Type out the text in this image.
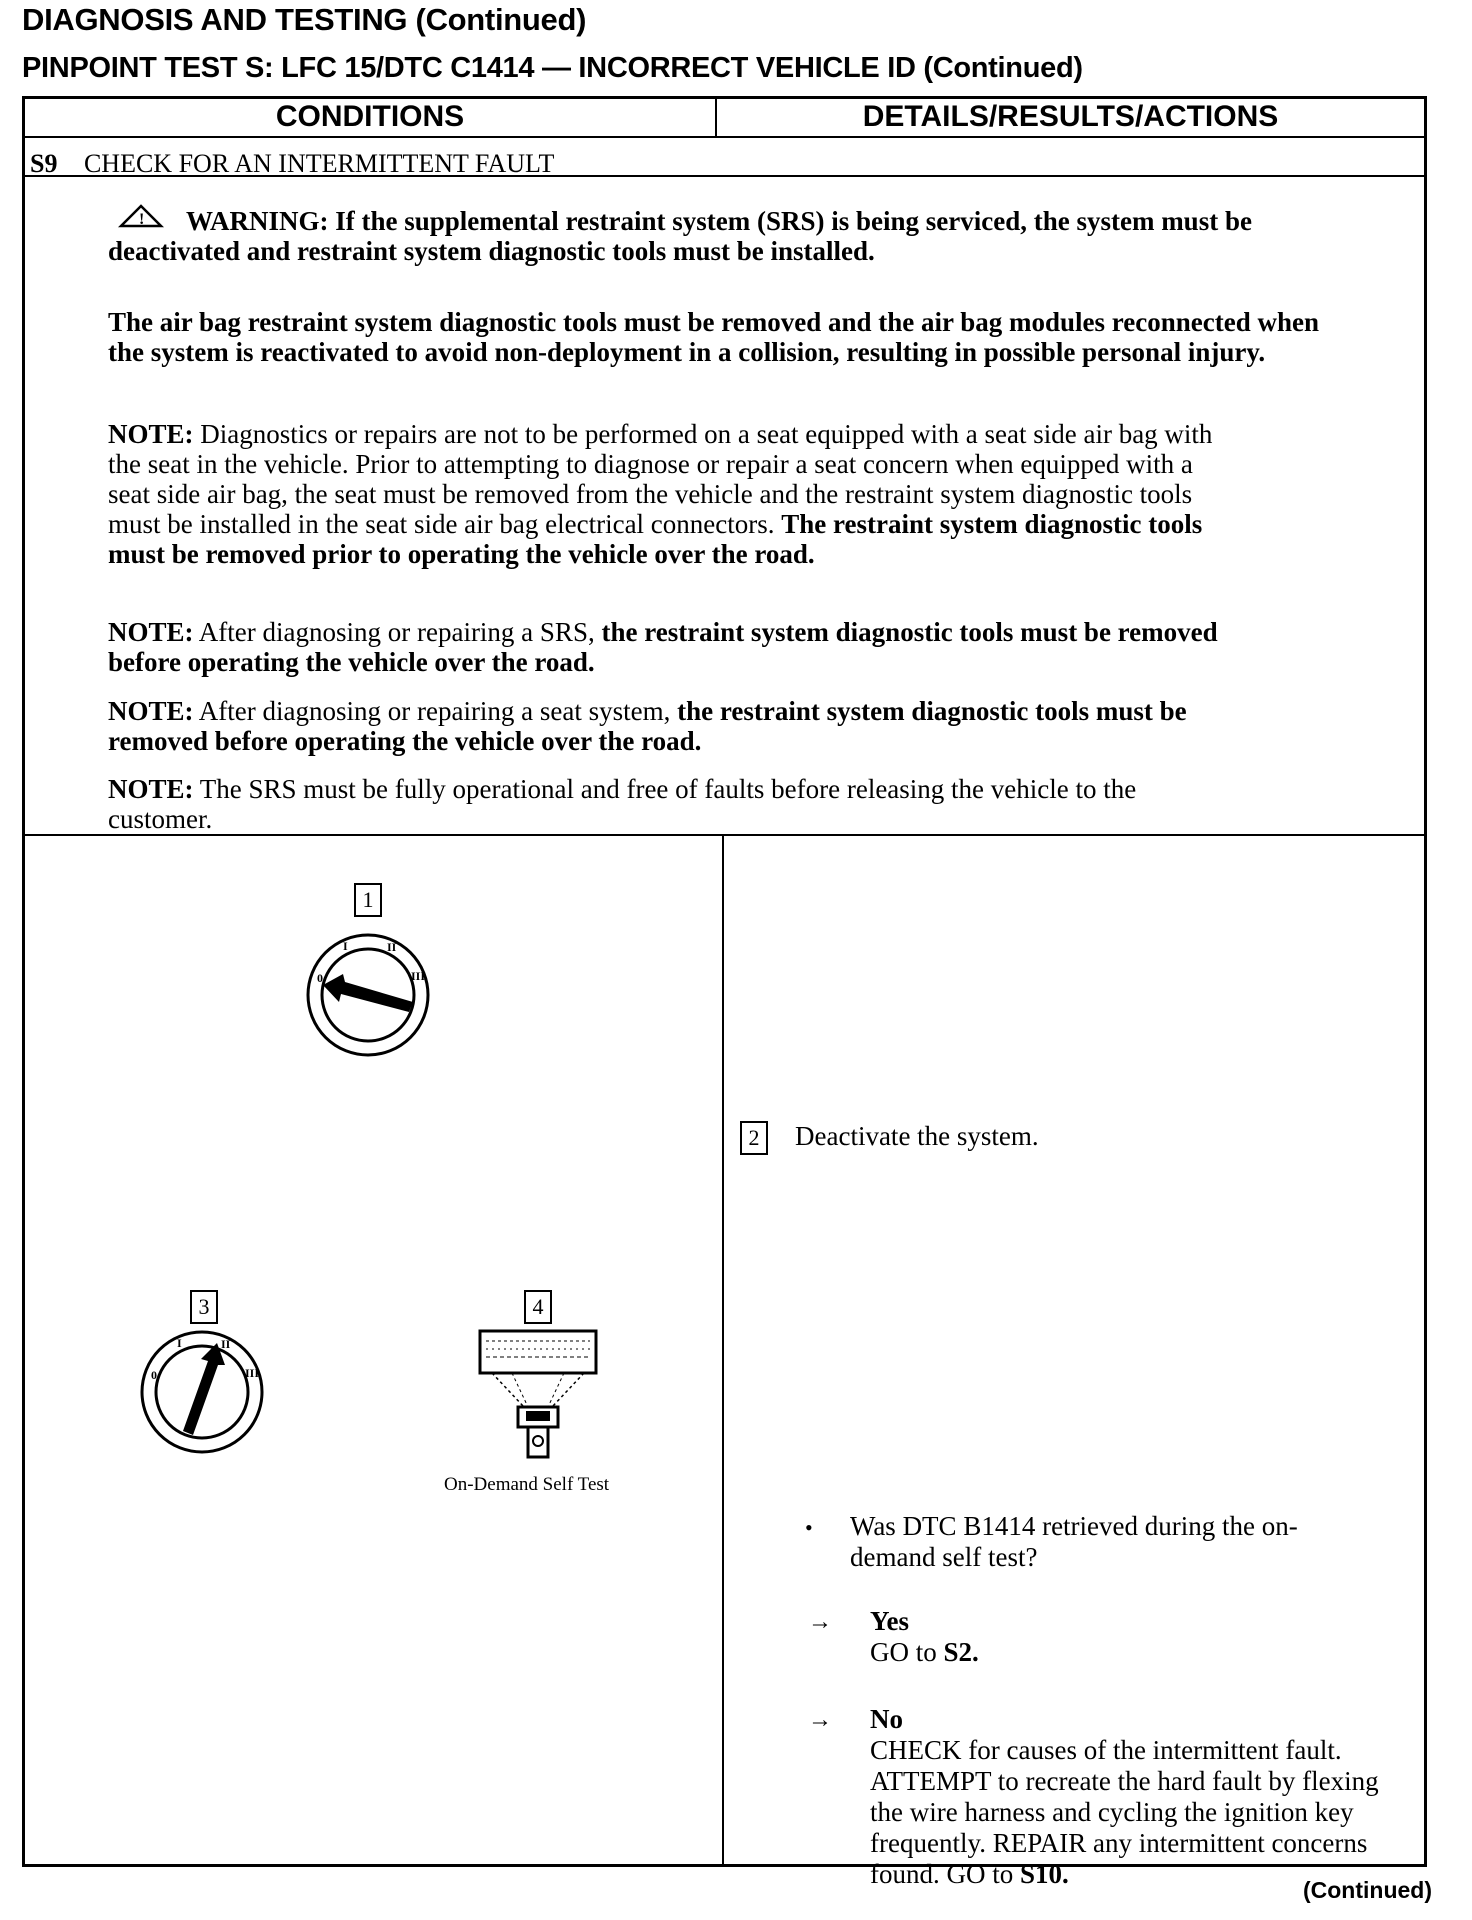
DIAGNOSIS AND TESTING (Continued)
PINPOINT TEST S: LFC 15/DTC C1414 — INCORRECT VEHICLE ID (Continued)
CONDITIONS	DETAILS/RESULTS/ACTIONS
S9 CHECK FOR AN INTERMITTENT FAULT
!	WARNING: If the supplemental restraint system (SRS) is being serviced, the system must be deactivated and restraint system diagnostic tools must be installed.
The air bag restraint system diagnostic tools must be removed and the air bag modules reconnected when the system is reactivated to avoid non-deployment in a collision, resulting in possible personal injury.
NOTE: Diagnostics or repairs are not to be performed on a seat equipped with a seat side air bag with the seat in the vehicle. Prior to attempting to diagnose or repair a seat concern when equipped with a seat side air bag, the seat must be removed from the vehicle and the restraint system diagnostic tools must be installed in the seat side air bag electrical connectors. The restraint system diagnostic tools must be removed prior to operating the vehicle over the road.
NOTE: After diagnosing or repairing a SRS, the restraint system diagnostic tools must be removed before operating the vehicle over the road.
NOTE: After diagnosing or repairing a seat system, the restraint system diagnostic tools must be removed before operating the vehicle over the road.
NOTE: The SRS must be fully operational and free of faults before releasing the vehicle to the customer.
1
0
I	II
III
3
0
I	II
III
4
On-Demand Self Test
2	Deactivate the system.
• Was DTC B1414 retrieved during the on-demand self test?
→ Yes
GO to S2.
→ No
CHECK for causes of the intermittent fault. ATTEMPT to recreate the hard fault by flexing the wire harness and cycling the ignition key frequently. REPAIR any intermittent concerns found. GO to S10.
(Continued)
